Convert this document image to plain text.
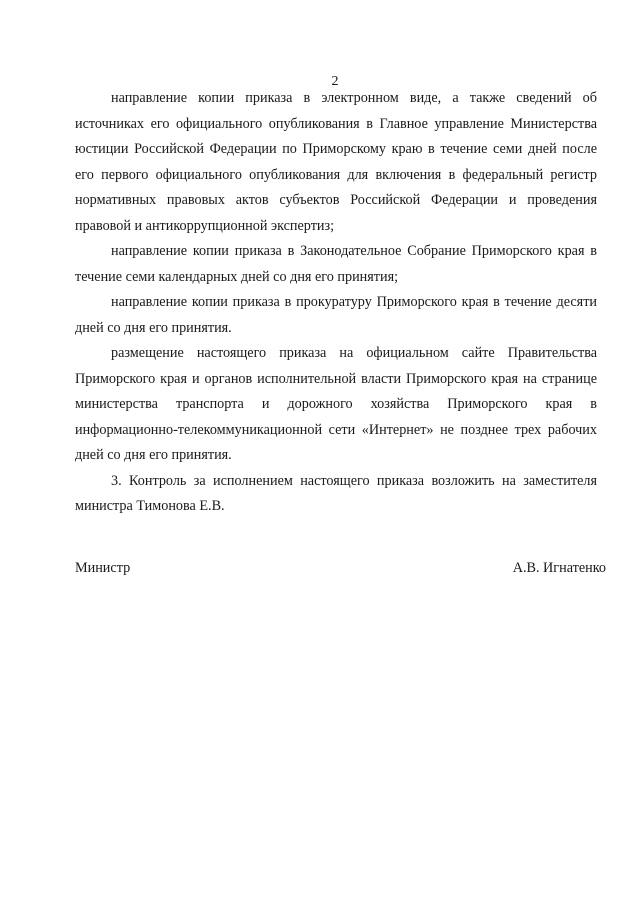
2

направление копии приказа в электронном виде, а также сведений об источниках его официального опубликования в Главное управление Министерства юстиции Российской Федерации по Приморскому краю в течение семи дней после его первого официального опубликования для включения в федеральный регистр нормативных правовых актов субъектов Российской Федерации и проведения правовой и антикоррупционной экспертиз;

направление копии приказа в Законодательное Собрание Приморского края в течение семи календарных дней со дня его принятия;

направление копии приказа в прокуратуру Приморского края в течение десяти дней со дня его принятия.

размещение настоящего приказа на официальном сайте Правительства Приморского края и органов исполнительной власти Приморского края на странице министерства транспорта и дорожного хозяйства Приморского края в информационно-телекоммуникационной сети «Интернет» не позднее трех рабочих дней со дня его принятия.

3. Контроль за исполнением настоящего приказа возложить на заместителя министра Тимонова Е.В.

Министр	А.В. Игнатенко
